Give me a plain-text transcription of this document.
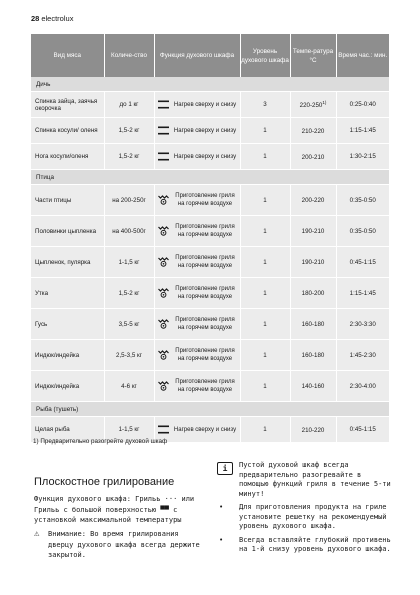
28 electrolux
Вид мяса	Количе-ство	Функция духового шкафа	Уровень духового шкафа	Темпе-ратура °C	Время час.: мин.
Дичь					
Спинка зайца, заячья окорочка	до 1 кг	Нагрев сверху и снизу	3	220-250$^{1)}$	0:25-0:40
Спинка косули/ оленя	1,5-2 кг	Нагрев сверху и снизу	1	210-220	1:15-1:45
Нога косули/оленя	1,5-2 кг	Нагрев сверху и снизу	1	200-210	1:30-2:15
Птица					
Части птицы	на 200-250г	Приготовление гриля на горячем воздухе	1	200-220	0:35-0:50
Половинки цыпленка	на 400-500г	Приготовление гриля на горячем воздухе	1	190-210	0:35-0:50
Цыпленок, пулярка	1-1,5 кг	Приготовление гриля на горячем воздухе	1	190-210	0:45-1:15
Утка	1,5-2 кг	Приготовление гриля на горячем воздухе	1	180-200	1:15-1:45
Гусь	3,5-5 кг	Приготовление гриля на горячем воздухе	1	160-180	2:30-3:30
Индюк/индейка	2,5-3,5 кг	Приготовление гриля на горячем воздухе	1	160-180	1:45-2:30
Индюк/индейка	4-6 кг	Приготовление гриля на горячем воздухе	1	140-160	2:30-4:00
Рыба (тушеть)					
Целая рыба	1-1,5 кг	Нагрев сверху и снизу	1	210-220	0:45-1:15
1) Предварительно разогрейте духовой шкаф
Плоскостное грилирование
Функция духового шкафа: Грильь ··· или Грильь с большой поверхностью ▀▀ с установкой максимальной температуры
⚠	Внимание: Во время грилирования дверцу духового шкафа всегда держите закрытой.
i	Пустой духовой шкаф всегда предварительно разогревайте в помощью функций гриля в течение 5-ти минут!
•	Для приготовления продукта на гриле установите решетку на рекомендуемый уровень духового шкафа.
•	Всегда вставляйте глубокий противень на 1-й снизу уровень духового шкафа.
